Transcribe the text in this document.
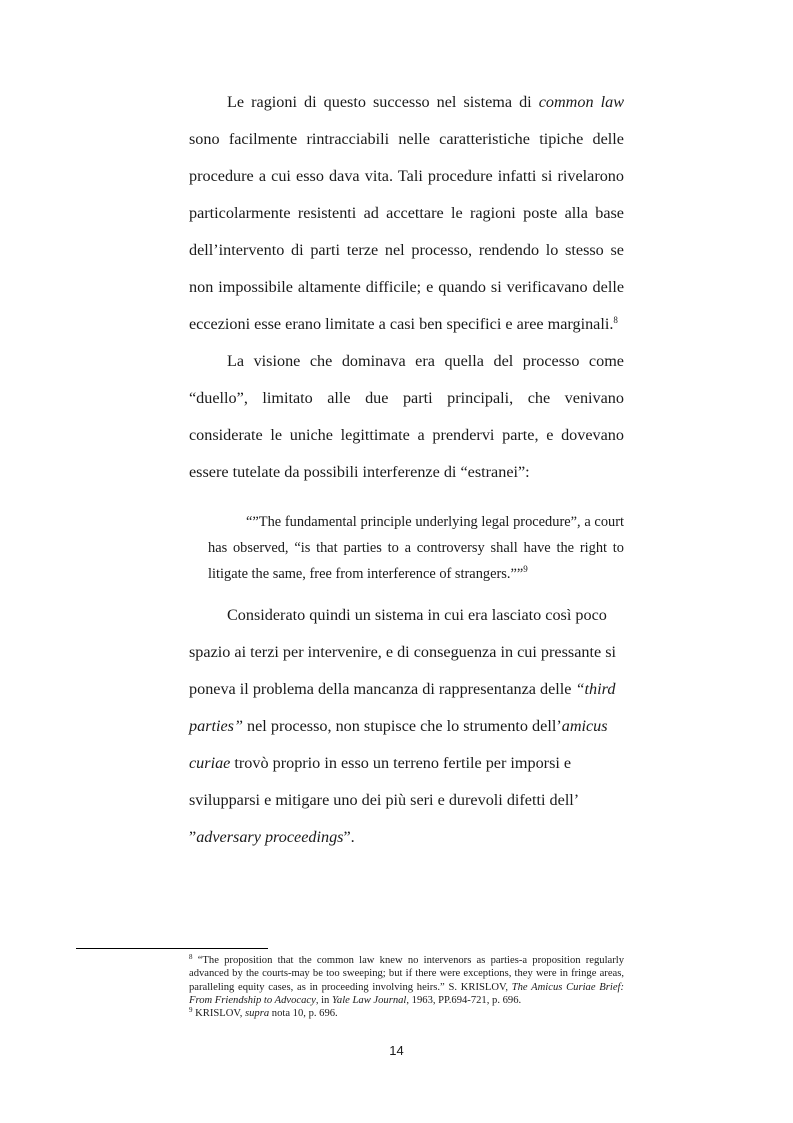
Le ragioni di questo successo nel sistema di common law sono facilmente rintracciabili nelle caratteristiche tipiche delle procedure a cui esso dava vita. Tali procedure infatti si rivelarono particolarmente resistenti ad accettare le ragioni poste alla base dell’intervento di parti terze nel processo, rendendo lo stesso se non impossibile altamente difficile; e quando si verificavano delle eccezioni esse erano limitate a casi ben specifici e aree marginali.$^8$

La visione che dominava era quella del processo come “duello”, limitato alle due parti principali, che venivano considerate le uniche legittimate a prendervi parte, e dovevano essere tutelate da possibili interferenze di “estranei”:

“”The fundamental principle underlying legal procedure”, a court has observed, “is that parties to a controversy shall have the right to litigate the same, free from interference of strangers.””$^9$

Considerato quindi un sistema in cui era lasciato così poco spazio ai terzi per intervenire, e di conseguenza in cui pressante si poneva il problema della mancanza di rappresentanza delle “third parties” nel processo, non stupisce che lo strumento dell’amicus curiae trovò proprio in esso un terreno fertile per imporsi e svilupparsi e mitigare uno dei più seri e durevoli difetti dell’ ”adversary proceedings”.

$^8$ “The proposition that the common law knew no intervenors as parties-a proposition regularly advanced by the courts-may be too sweeping; but if there were exceptions, they were in fringe areas, paralleling equity cases, as in proceeding involving heirs.” S. KRISLOV, The Amicus Curiae Brief: From Friendship to Advocacy, in Yale Law Journal, 1963, PP.694-721, p. 696.

$^9$ KRISLOV, supra nota 10, p. 696.

14
